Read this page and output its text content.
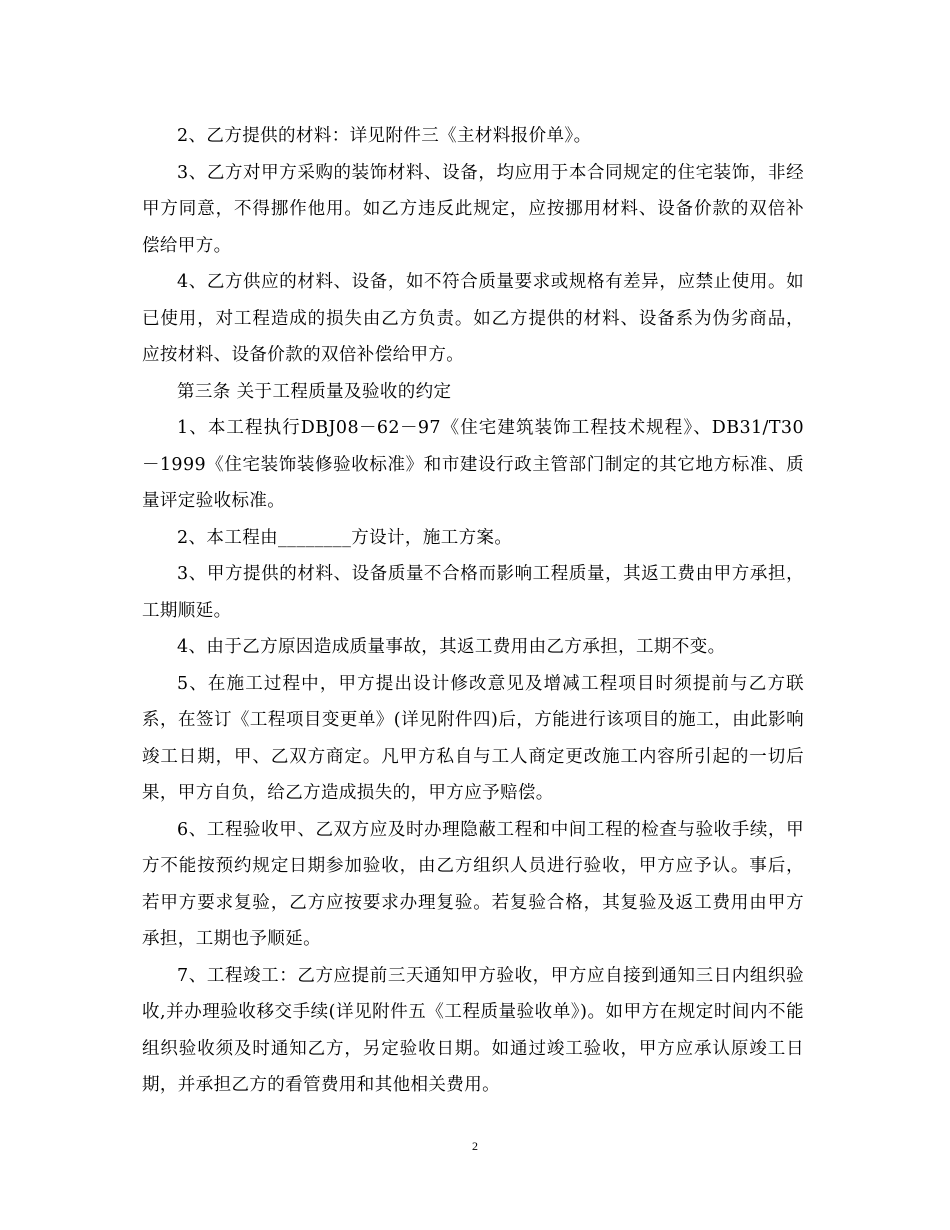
2、乙方提供的材料：详见附件三《主材料报价单》。

3、乙方对甲方采购的装饰材料、设备，均应用于本合同规定的住宅装饰，非经甲方同意，不得挪作他用。如乙方违反此规定，应按挪用材料、设备价款的双倍补偿给甲方。

4、乙方供应的材料、设备，如不符合质量要求或规格有差异，应禁止使用。如已使用，对工程造成的损失由乙方负责。如乙方提供的材料、设备系为伪劣商品，应按材料、设备价款的双倍补偿给甲方。

第三条 关于工程质量及验收的约定

1、本工程执行DBJ08－62－97《住宅建筑装饰工程技术规程》、DB31/T30－1999《住宅装饰装修验收标准》和市建设行政主管部门制定的其它地方标准、质量评定验收标准。

2、本工程由________方设计，施工方案。

3、甲方提供的材料、设备质量不合格而影响工程质量，其返工费由甲方承担，工期顺延。

4、由于乙方原因造成质量事故，其返工费用由乙方承担，工期不变。

5、在施工过程中，甲方提出设计修改意见及增减工程项目时须提前与乙方联系，在签订《工程项目变更单》(详见附件四)后，方能进行该项目的施工，由此影响竣工日期，甲、乙双方商定。凡甲方私自与工人商定更改施工内容所引起的一切后果，甲方自负，给乙方造成损失的，甲方应予赔偿。

6、工程验收甲、乙双方应及时办理隐蔽工程和中间工程的检查与验收手续，甲方不能按预约规定日期参加验收，由乙方组织人员进行验收，甲方应予认。事后，若甲方要求复验，乙方应按要求办理复验。若复验合格，其复验及返工费用由甲方承担，工期也予顺延。

7、工程竣工：乙方应提前三天通知甲方验收，甲方应自接到通知三日内组织验收,并办理验收移交手续(详见附件五《工程质量验收单》)。如甲方在规定时间内不能组织验收须及时通知乙方，另定验收日期。如通过竣工验收，甲方应承认原竣工日期，并承担乙方的看管费用和其他相关费用。

2
